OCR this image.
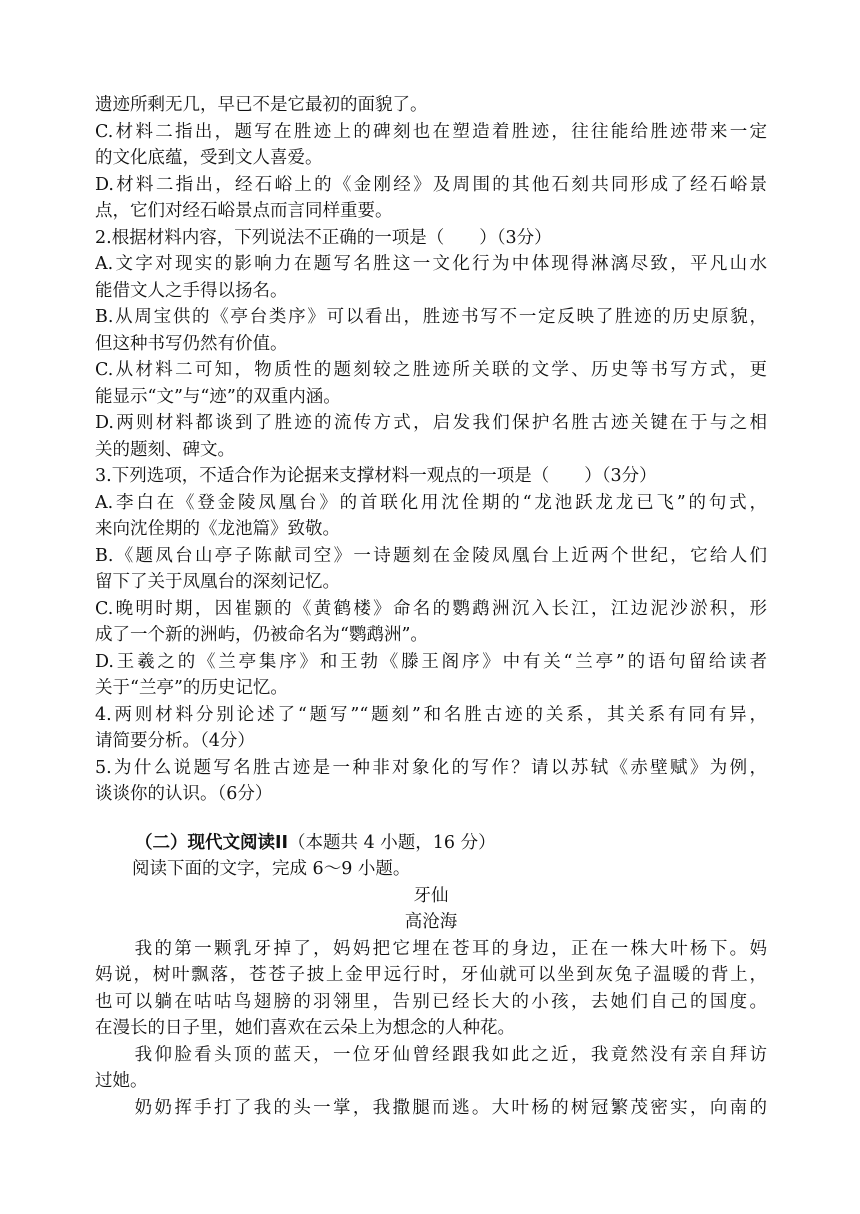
遗迹所剩无几，早已不是它最初的面貌了。
C.材料二指出，题写在胜迹上的碑刻也在塑造着胜迹，往往能给胜迹带来一定
的文化底蕴，受到文人喜爱。
D.材料二指出，经石峪上的《金刚经》及周围的其他石刻共同形成了经石峪景
点，它们对经石峪景点而言同样重要。
2.根据材料内容，下列说法不正确的一项是（　　）（3分）
A.文字对现实的影响力在题写名胜这一文化行为中体现得淋漓尽致，平凡山水
能借文人之手得以扬名。
B.从周宝供的《亭台类序》可以看出，胜迹书写不一定反映了胜迹的历史原貌，
但这种书写仍然有价值。
C.从材料二可知，物质性的题刻较之胜迹所关联的文学、历史等书写方式，更
能显示“文”与“迹”的双重内涵。
D.两则材料都谈到了胜迹的流传方式，启发我们保护名胜古迹关键在于与之相
关的题刻、碑文。
3.下列选项，不适合作为论据来支撑材料一观点的一项是（　　）（3分）
A.李白在《登金陵凤凰台》的首联化用沈佺期的“龙池跃龙龙已飞”的句式，
来向沈佺期的《龙池篇》致敬。
B.《题凤台山亭子陈献司空》一诗题刻在金陵凤凰台上近两个世纪，它给人们
留下了关于凤凰台的深刻记忆。
C.晚明时期，因崔颢的《黄鹤楼》命名的鹦鹉洲沉入长江，江边泥沙淤积，形
成了一个新的洲屿，仍被命名为“鹦鹉洲”。
D.王羲之的《兰亭集序》和王勃《滕王阁序》中有关“兰亭”的语句留给读者
关于“兰亭”的历史记忆。
4.两则材料分别论述了“题写”“题刻”和名胜古迹的关系，其关系有同有异，
请简要分析。（4分）
5.为什么说题写名胜古迹是一种非对象化的写作？请以苏轼《赤壁赋》为例，
谈谈你的认识。（6分）
（二）现代文阅读II（本题共 4 小题，16 分）
阅读下面的文字，完成 6～9 小题。
牙仙
高沧海
　　我的第一颗乳牙掉了，妈妈把它埋在苍耳的身边，正在一株大叶杨下。妈
妈说，树叶飘落，苍苍子披上金甲远行时，牙仙就可以坐到灰兔子温暖的背上，
也可以躺在咕咕鸟翅膀的羽翎里，告别已经长大的小孩，去她们自己的国度。
在漫长的日子里，她们喜欢在云朵上为想念的人种花。
　　我仰脸看头顶的蓝天，一位牙仙曾经跟我如此之近，我竟然没有亲自拜访
过她。
　　奶奶挥手打了我的头一掌，我撒腿而逃。大叶杨的树冠繁茂密实，向南的
